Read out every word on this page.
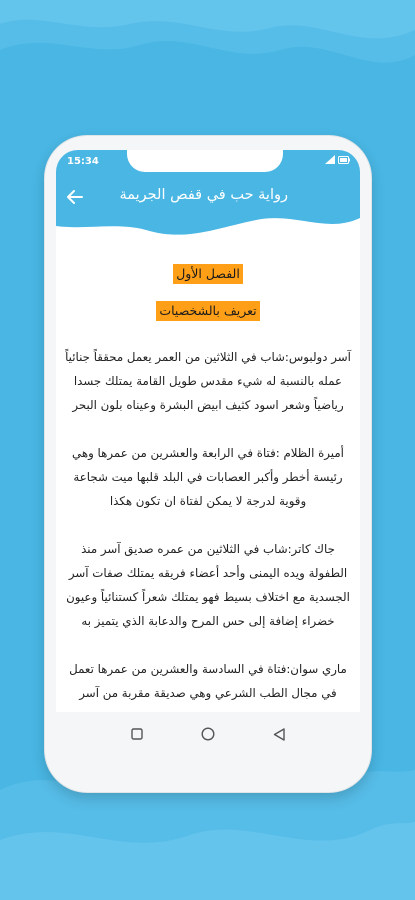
15:34
رواية حب في قفص الجريمة
الفصل الأول
تعريف بالشخصيات

آسر دولبوس:شاب في الثلاثين من العمر يعمل محققاً جنائياً عمله بالنسبة له شيء مقدس طويل القامة يمتلك جسدا رياضياً وشعر اسود كثيف ابيض البشرة وعيناه بلون البحر

أميرة الظلام :فتاة في الرابعة والعشرين من عمرها وهي رئيسة أخطر وأكبر العصابات في البلد قلبها ميت شجاعة وقوية لدرجة لا يمكن لفتاة ان تكون هكذا

جاك كاتر:شاب في الثلاثين من عمره صديق آسر منذ الطفولة ويده اليمنى وأحد أعضاء فريقه يمتلك صفات آسر الجسدية مع اختلاف بسيط فهو يمتلك شعراً كستنائياً وعيون خضراء إضافة إلى حس المرح والدعابة الذي يتميز به

ماري سوان:فتاة في السادسة والعشرين من عمرها تعمل في مجال الطب الشرعي وهي صديقة مقربة من آسر
